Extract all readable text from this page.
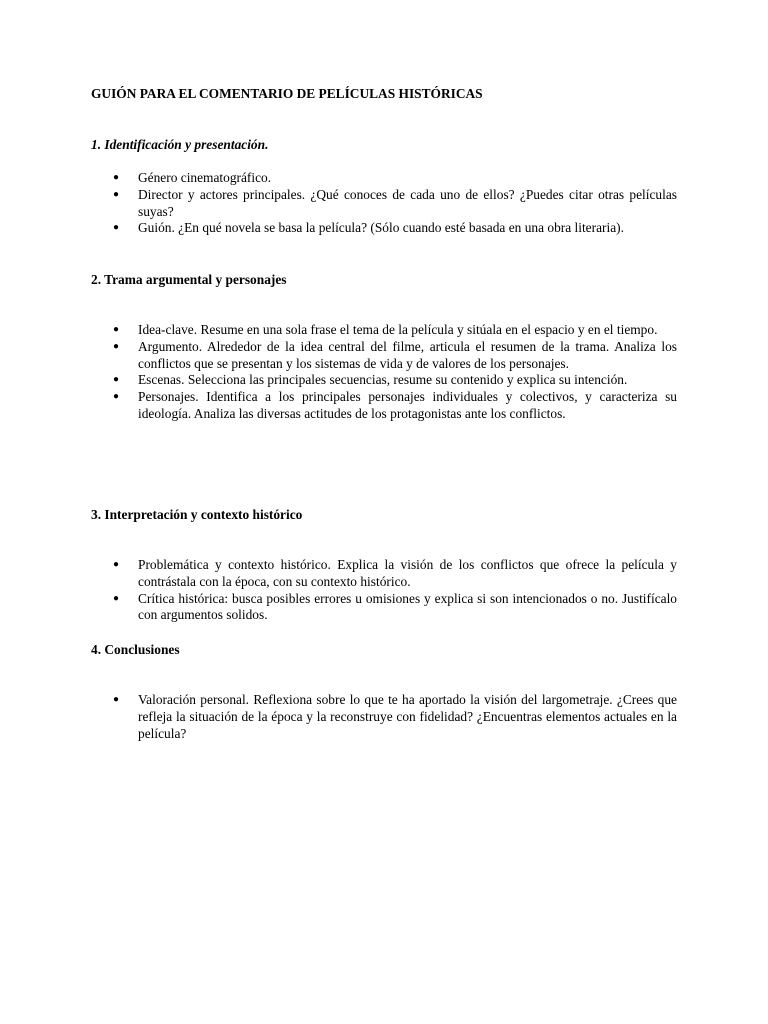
GUIÓN PARA EL COMENTARIO DE PELÍCULAS HISTÓRICAS
1. Identificación y presentación.
● Género cinematográfico.
● Director y actores principales. ¿Qué conoces de cada uno de ellos? ¿Puedes citar otras películas suyas?
● Guión. ¿En qué novela se basa la película? (Sólo cuando esté basada en una obra literaria).
2. Trama argumental y personajes
● Idea-clave. Resume en una sola frase el tema de la película y sitúala en el espacio y en el tiempo.
● Argumento. Alrededor de la idea central del filme, articula el resumen de la trama. Analiza los conflictos que se presentan y los sistemas de vida y de valores de los personajes.
● Escenas. Selecciona las principales secuencias, resume su contenido y explica su intención.
● Personajes. Identifica a los principales personajes individuales y colectivos, y caracteriza su ideología. Analiza las diversas actitudes de los protagonistas ante los conflictos.
3. Interpretación y contexto histórico
● Problemática y contexto histórico. Explica la visión de los conflictos que ofrece la película y contrástala con la época, con su contexto histórico.
● Crítica histórica: busca posibles errores u omisiones y explica si son intencionados o no. Justifícalo con argumentos solidos.
4. Conclusiones
● Valoración personal. Reflexiona sobre lo que te ha aportado la visión del largometraje. ¿Crees que refleja la situación de la época y la reconstruye con fidelidad? ¿Encuentras elementos actuales en la película?
